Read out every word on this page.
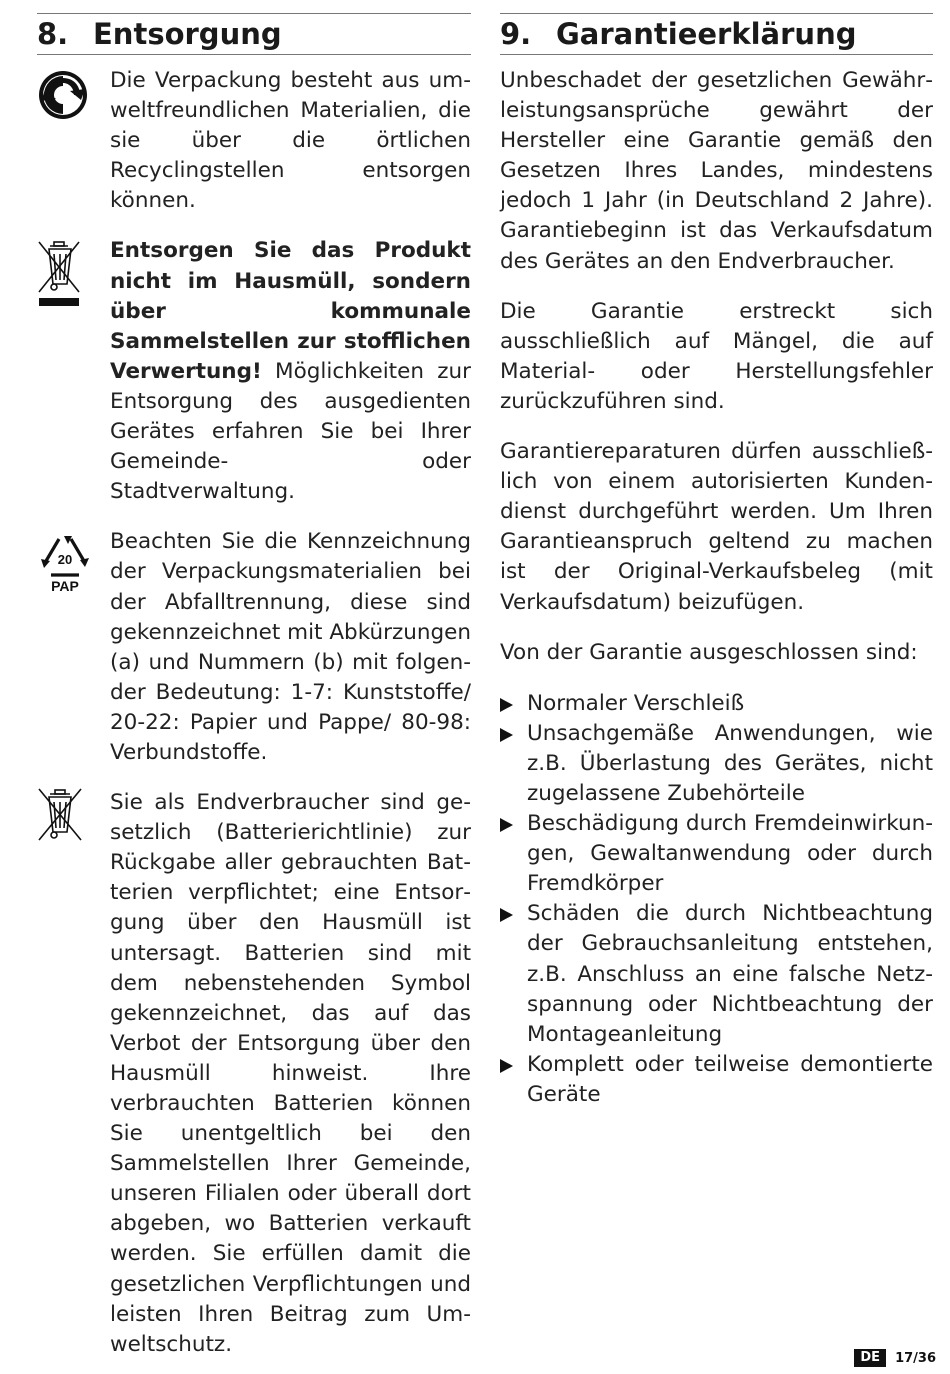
8. Entsorgung
Die Verpackung besteht aus umweltfreundlichen Materialien, die sie über die örtlichen Recyclingstellen entsorgen können.
Entsorgen Sie das Produkt nicht im Hausmüll, sondern über kommunale Sammelstellen zur stofflichen Verwertung! Möglichkeiten zur Entsorgung des ausgedienten Gerätes erfahren Sie bei Ihrer Gemeinde- oder Stadtverwaltung.
20
PAP
Beachten Sie die Kennzeichnung der Verpackungsmaterialien bei der Abfalltrennung, diese sind gekennzeichnet mit Abkürzungen (a) und Nummern (b) mit folgender Bedeutung: 1-7: Kunststoffe/ 20-22: Papier und Pappe/ 80-98: Verbundstoffe.
Sie als Endverbraucher sind gesetzlich (Batterierichtlinie) zur Rückgabe aller gebrauchten Batterien verpflichtet; eine Entsorgung über den Hausmüll ist untersagt. Batterien sind mit dem nebenstehenden Symbol gekennzeichnet, das auf das Verbot der Entsorgung über den Hausmüll hinweist. Ihre verbrauchten Batterien können Sie unentgeltlich bei den Sammelstellen Ihrer Gemeinde, unseren Filialen oder überall dort abgeben, wo Batterien verkauft werden. Sie erfüllen damit die gesetzlichen Verpflichtungen und leisten Ihren Beitrag zum Umweltschutz.
9. Garantieerklärung

Unbeschadet der gesetzlichen Gewährleistungsansprüche gewährt der Hersteller eine Garantie gemäß den Gesetzen Ihres Landes, mindestens jedoch 1 Jahr (in Deutschland 2 Jahre). Garantiebeginn ist das Verkaufsdatum des Gerätes an den Endverbraucher.

Die Garantie erstreckt sich ausschließlich auf Mängel, die auf Material- oder Herstellungsfehler zurückzuführen sind.

Garantiereparaturen dürfen ausschließlich von einem autorisierten Kundendienst durchgeführt werden. Um Ihren Garantieanspruch geltend zu machen ist der Original-Verkaufsbeleg (mit Verkaufsdatum) beizufügen.

Von der Garantie ausgeschlossen sind:

Normaler Verschleiß
Unsachgemäße Anwendungen, wie z.B. Überlastung des Gerätes, nicht zugelassene Zubehörteile
Beschädigung durch Fremdeinwirkungen, Gewaltanwendung oder durch Fremdkörper
Schäden die durch Nichtbeachtung der Gebrauchsanleitung entstehen, z.B. Anschluss an eine falsche Netzspannung oder Nichtbeachtung der Montageanleitung
Komplett oder teilweise demontierte Geräte
DE	17/36
